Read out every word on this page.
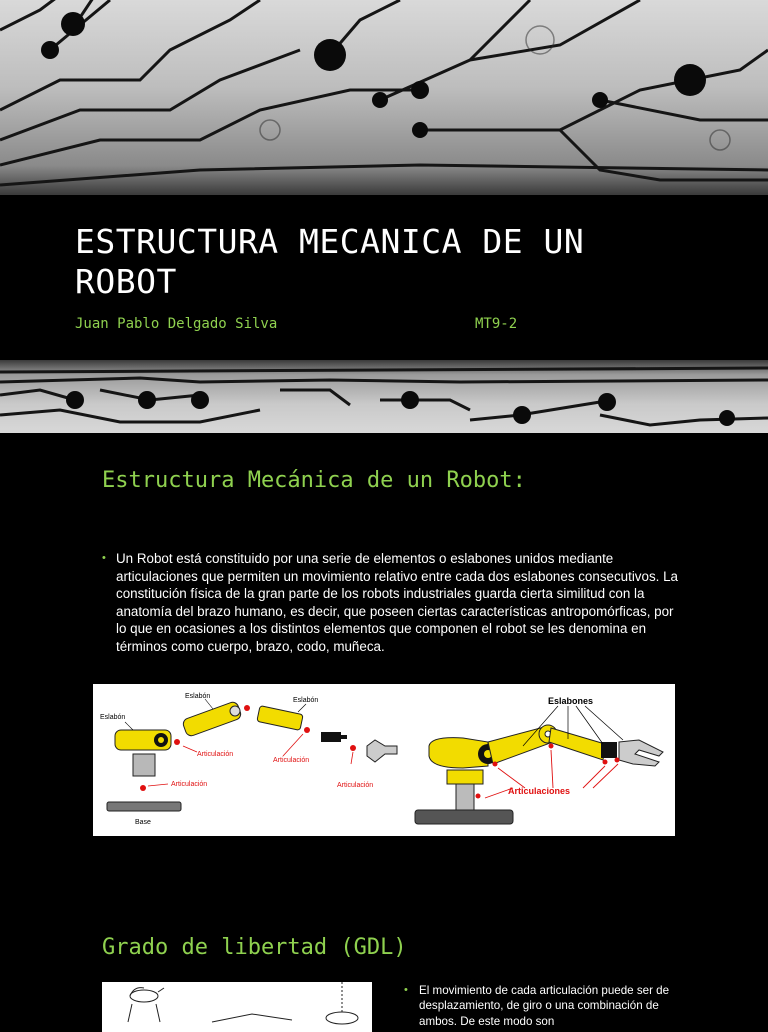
ESTRUCTURA MECANICA DE UN ROBOT

Juan Pablo Delgado Silva	MT9-2

Estructura Mecánica de un Robot:
• Un Robot está constituido por una serie de elementos o eslabones unidos mediante articulaciones que permiten un movimiento relativo entre cada dos eslabones consecutivos. La constitución física de la gran parte de los robots industriales guarda cierta similitud con la anatomía del brazo humano, es decir, que poseen ciertas características antropomórficas, por lo que en ocasiones a los distintos elementos que componen el robot se les denomina en términos como cuerpo, brazo, codo, muñeca.
Eslabón
Eslabón
Eslabón
Articulación
Articulación
Articulación
Articulación
Base
Eslabones
Articulaciones
Grado de libertad (GDL)
• El movimiento de cada articulación puede ser de desplazamiento, de giro o una combinación de ambos. De este modo son
